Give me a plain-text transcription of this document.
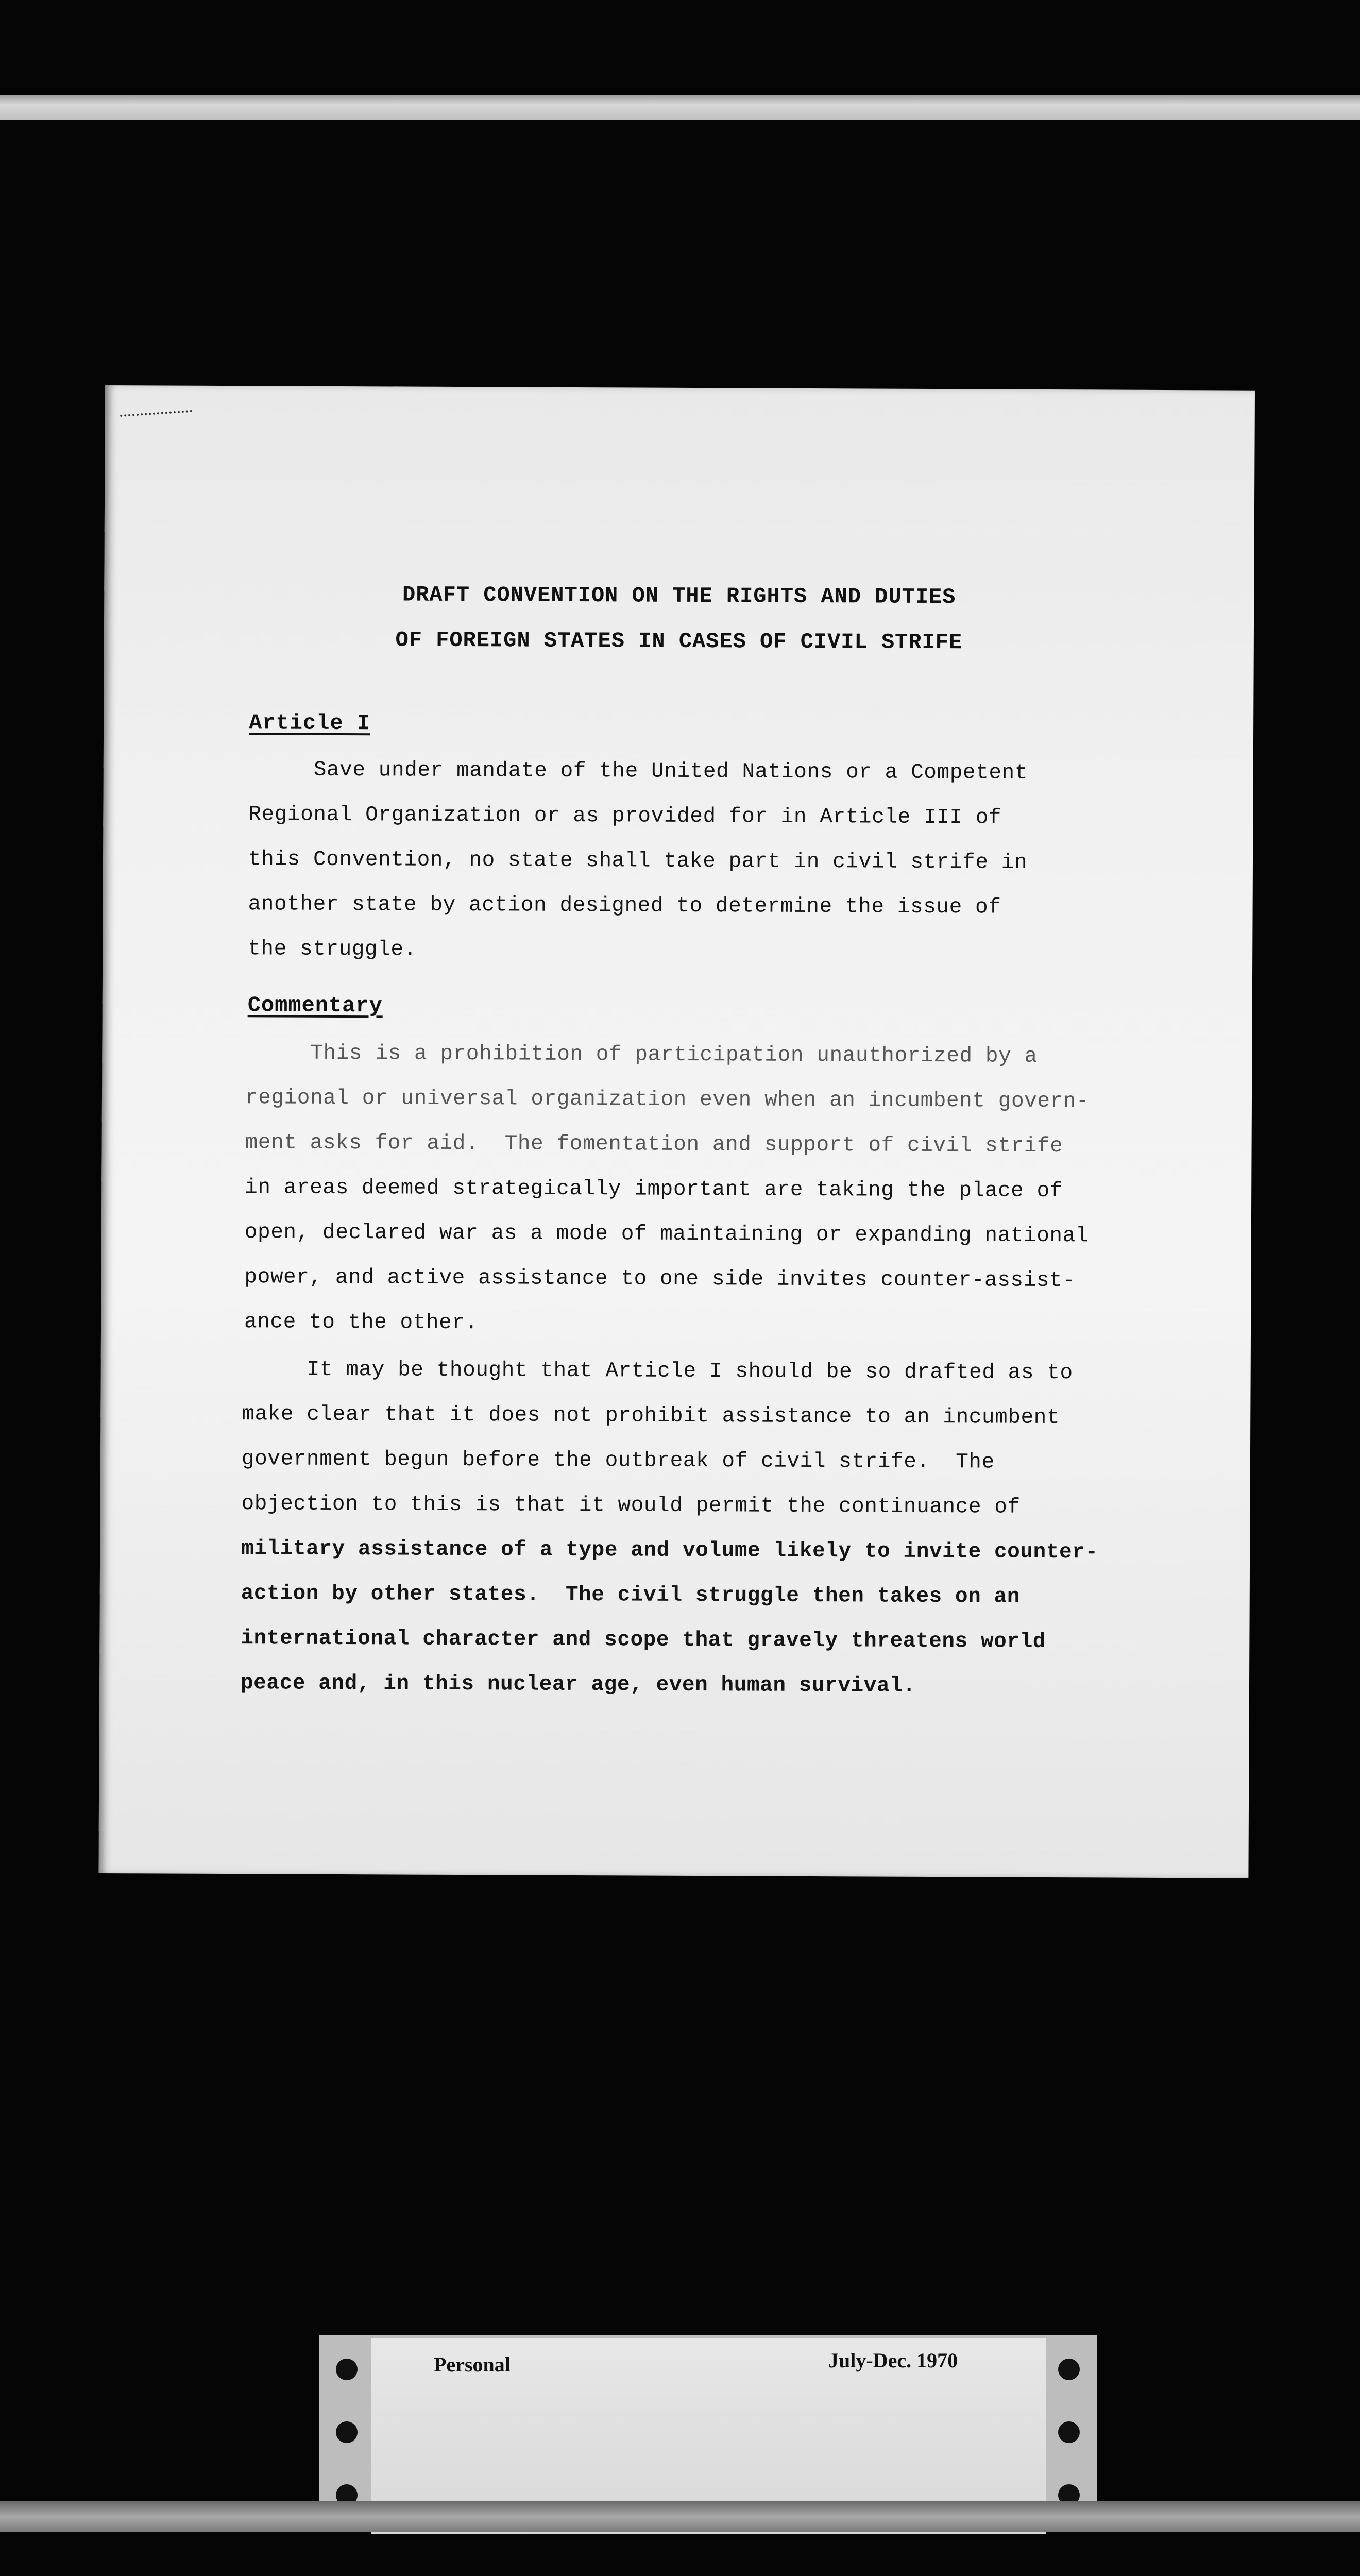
DRAFT CONVENTION ON THE RIGHTS AND DUTIES
OF FOREIGN STATES IN CASES OF CIVIL STRIFE
Article I
Save under mandate of the United Nations or a Competent
Regional Organization or as provided for in Article III of
this Convention, no state shall take part in civil strife in
another state by action designed to determine the issue of
the struggle.
Commentary
This is a prohibition of participation unauthorized by a
regional or universal organization even when an incumbent govern-
ment asks for aid.  The fomentation and support of civil strife
in areas deemed strategically important are taking the place of
open, declared war as a mode of maintaining or expanding national
power, and active assistance to one side invites counter-assist-
ance to the other.
It may be thought that Article I should be so drafted as to
make clear that it does not prohibit assistance to an incumbent
government begun before the outbreak of civil strife.  The
objection to this is that it would permit the continuance of
military assistance of a type and volume likely to invite counter-
action by other states.  The civil struggle then takes on an
international character and scope that gravely threatens world
peace and, in this nuclear age, even human survival.
Personal	July-Dec. 1970
